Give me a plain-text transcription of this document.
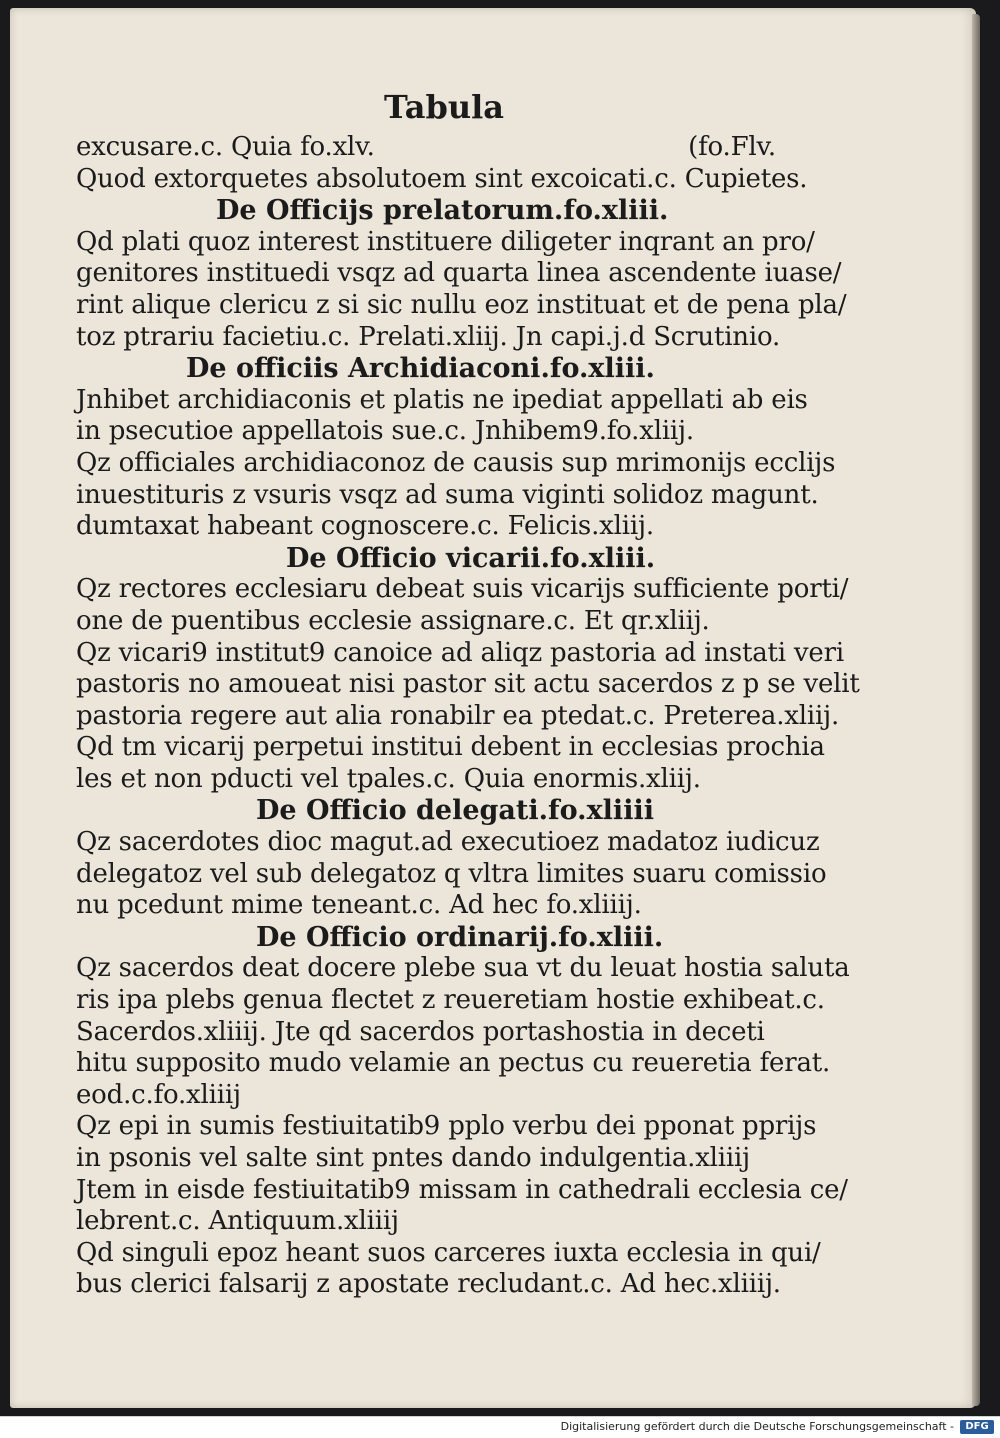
Tabula
excusare.c. Quia fo.xlv.	(fo.Flv.
Quod extorquetes absolutoem sint excoicati.c. Cupietes.
De Officijs prelatorum.fo.xliii.
Qd plati quoz interest instituere diligeter inqrant an pro/
genitores instituedi vsqz ad quarta linea ascendente iuase/
rint alique clericu z si sic nullu eoz instituat et de pena pla/
toz ptrariu facietiu.c. Prelati.xliij. Jn capi.j.d Scrutinio.
De officiis Archidiaconi.fo.xliii.
Jnhibet archidiaconis et platis ne ipediat appellati ab eis
in psecutioe appellatois sue.c. Jnhibem9.fo.xliij.
Qz officiales archidiaconoz de causis sup mrimonijs ecclijs
inuestituris z vsuris vsqz ad suma viginti solidoz magunt.
dumtaxat habeant cognoscere.c. Felicis.xliij.
De Officio vicarii.fo.xliii.
Qz rectores ecclesiaru debeat suis vicarijs sufficiente porti/
one de puentibus ecclesie assignare.c. Et qr.xliij.
Qz vicari9 institut9 canoice ad aliqz pastoria ad instati veri
pastoris no amoueat nisi pastor sit actu sacerdos z p se velit
pastoria regere aut alia ronabilr ea ptedat.c. Preterea.xliij.
Qd tm vicarij perpetui institui debent in ecclesias prochia
les et non pducti vel tpales.c. Quia enormis.xliij.
De Officio delegati.fo.xliiii
Qz sacerdotes dioc magut.ad executioez madatoz iudicuz
delegatoz vel sub delegatoz q vltra limites suaru comissio
nu pcedunt mime teneant.c. Ad hec fo.xliiij.
De Officio ordinarij.fo.xliii.
Qz sacerdos deat docere plebe sua vt du leuat hostia saluta
ris ipa plebs genua flectet z reueretiam hostie exhibeat.c.
Sacerdos.xliiij. Jte qd sacerdos portashostia in deceti
hitu supposito mudo velamie an pectus cu reueretia ferat.
eod.c.fo.xliiij
Qz epi in sumis festiuitatib9 pplo verbu dei pponat pprijs
in psonis vel salte sint pntes dando indulgentia.xliiij
Jtem in eisde festiuitatib9 missam in cathedrali ecclesia ce/
lebrent.c. Antiquum.xliiij
Qd singuli epoz heant suos carceres iuxta ecclesia in qui/
bus clerici falsarij z apostate recludant.c. Ad hec.xliiij.
Digitalisierung gefördert durch die Deutsche Forschungsgemeinschaft -	DFG
